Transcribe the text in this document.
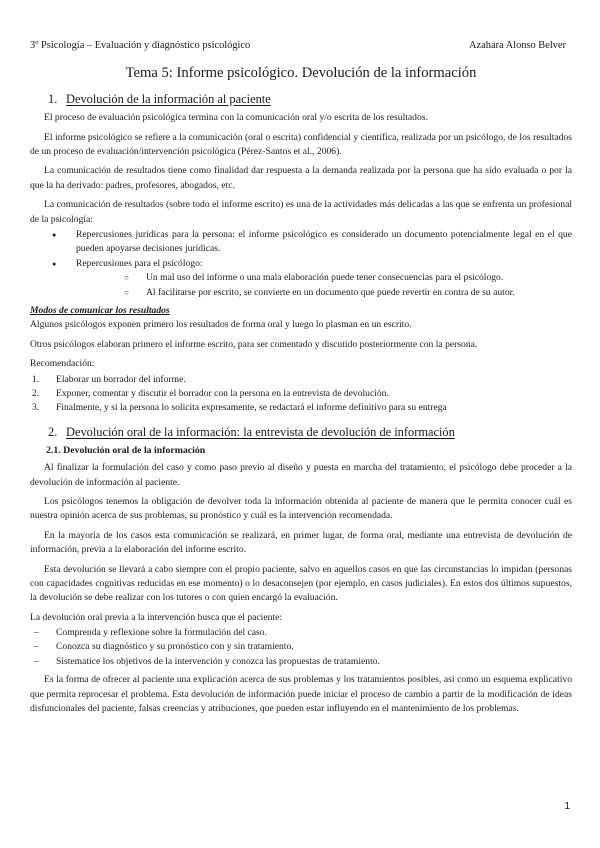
3º Psicología – Evaluación y diagnóstico psicológico	Azahara Alonso Belver
Tema 5: Informe psicológico. Devolución de la información
1. Devolución de la información al paciente

El proceso de evaluación psicológica termina con la comunicación oral y/o escrita de los resultados.

El informe psicológico se refiere a la comunicación (oral o escrita) confidencial y científica, realizada por un psicólogo, de los resultados de un proceso de evaluación/intervención psicológica (Pérez-Santos et al., 2006).

La comunicación de resultados tiene como finalidad dar respuesta a la demanda realizada por la persona que ha sido evaluada o por la que la ha derivado: padres, profesores, abogados, etc.

La comunicación de resultados (sobre todo el informe escrito) es una de la actividades más delicadas a las que se enfrenta un profesional de la psicología:

● Repercusiones jurídicas para la persona: el informe psicológico es considerado un documento potencialmente legal en el que pueden apoyarse decisiones jurídicas.
● Repercusiones para el psicólogo:
○ Un mal uso del informe o una mala elaboración puede tener consecuencias para el psicólogo.
○ Al facilitarse por escrito, se convierte en un documento que puede revertir en contra de su autor.

Modos de comunicar los resultados

Algunos psicólogos exponen primero los resultados de forma oral y luego lo plasman en un escrito.

Otros psicólogos elaboran primero el informe escrito, para ser comentado y discutido posteriormente con la persona.

Recomendación:

1.	Elaborar un borrador del informe.
2.	Exponer, comentar y discutir el borrador con la persona en la entrevista de devolución.
3.	Finalmente, y si la persona lo solicita expresamente, se redactará el informe definitivo para su entrega
2. Devolución oral de la información: la entrevista de devolución de información
2.1. Devolución oral de la información

Al finalizar la formulación del caso y como paso previo al diseño y puesta en marcha del tratamiento, el psicólogo debe proceder a la devolución de información al paciente.

Los psicólogos tenemos la obligación de devolver toda la información obtenida al paciente de manera que le permita conocer cuál es nuestra opinión acerca de sus problemas, su pronóstico y cuál es la intervención recomendada.

En la mayoría de los casos esta comunicación se realizará, en primer lugar, de forma oral, mediante una entrevista de devolución de información, previa a la elaboración del informe escrito.

Esta devolución se llevará a cabo siempre con el propio paciente, salvo en aquellos casos en que las circunstancias lo impidan (personas con capacidades cognitivas reducidas en ese momento) o lo desaconsejen (por ejemplo, en casos judiciales). En estos dos últimos supuestos, la devolución se debe realizar con los tutores o con quien encargó la evaluación.

La devolución oral previa a la intervención busca que el paciente:

–	Comprenda y reflexione sobre la formulación del caso.
–	Conozca su diagnóstico y su pronóstico con y sin tratamiento.
–	Sistematice los objetivos de la intervención y conozca las propuestas de tratamiento.

Es la forma de ofrecer al paciente una explicación acerca de sus problemas y los tratamientos posibles, así como un esquema explicativo que permita reprocesar el problema. Esta devolución de información puede iniciar el proceso de cambio a partir de la modificación de ideas disfuncionales del paciente, falsas creencias y atribuciones, que pueden estar influyendo en el mantenimiento de los problemas.

1
